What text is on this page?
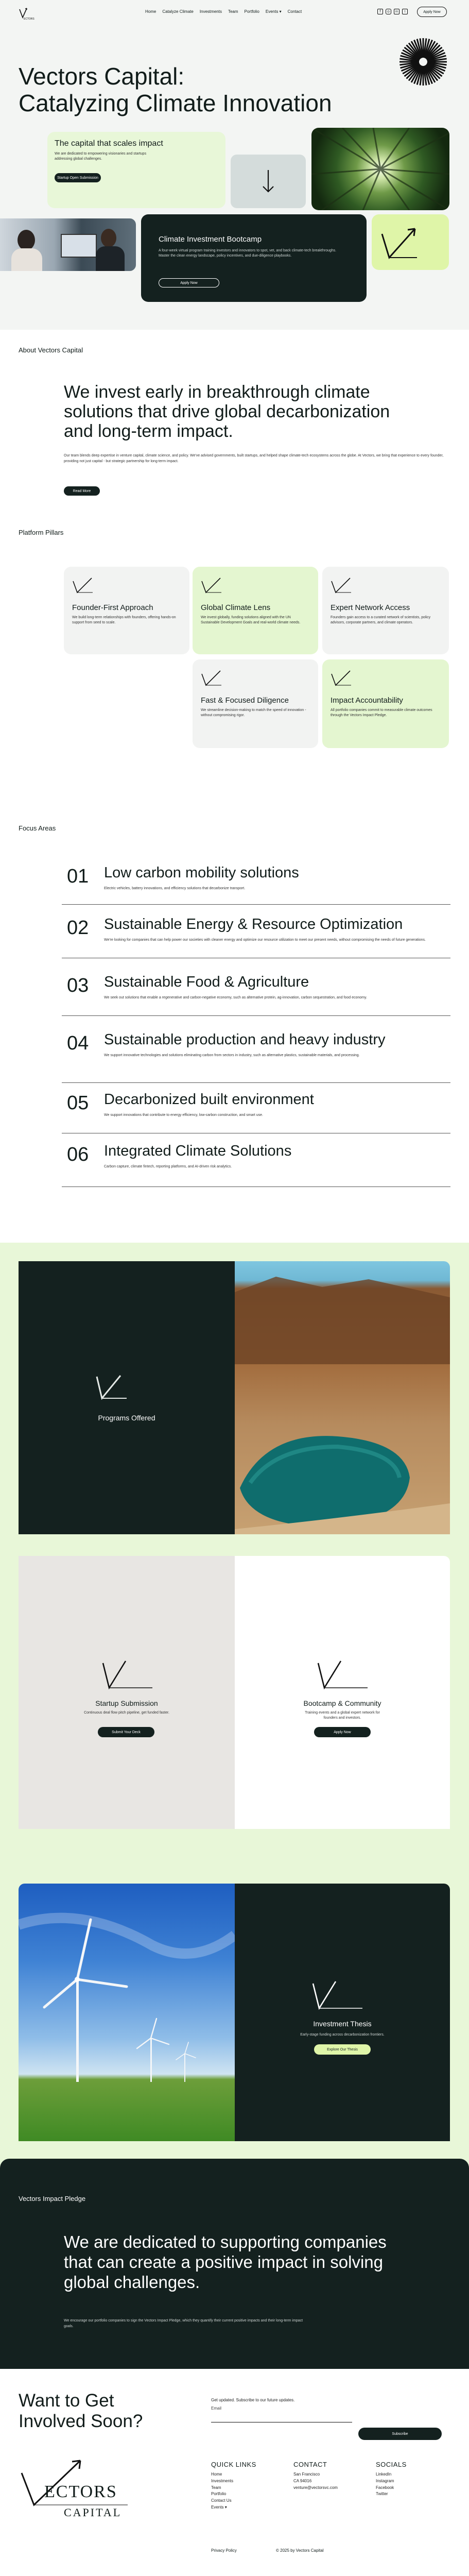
ECTORS
Home Catalyze Climate Investments Team Portfolio Events ▾ Contact	f	◎	in	t	Apply Now
Vectors Capital:
Catalyzing Climate Innovation
The capital that scales impact
We are dedicated to empowering visionaries and startups addressing global challenges.
Startup Open Submission
Climate Investment Bootcamp
A four-week virtual program training investors and innovators to spot, vet, and back climate-tech breakthroughs. Master the clean energy landscape, policy incentives, and due-diligence playbooks.
Apply Now
About Vectors Capital
We invest early in breakthrough climate solutions that drive global decarbonization and long-term impact.
Our team blends deep expertise in venture capital, climate science, and policy. We've advised governments, built startups, and helped shape climate-tech ecosystems across the globe. At Vectors, we bring that experience to every founder, providing not just capital - but strategic partnership for long-term impact.
Read More
Platform Pillars
Founder-First Approach
We build long-term relationships with founders, offering hands-on support from seed to scale.
Global Climate Lens
We invest globally, funding solutions aligned with the UN Sustainable Development Goals and real-world climate needs.
Expert Network Access
Founders gain access to a curated network of scientists, policy advisors, corporate partners, and climate operators.
Fast & Focused Diligence
We streamline decision-making to match the speed of innovation - without compromising rigor.
Impact Accountability
All portfolio companies commit to measurable climate outcomes through the Vectors Impact Pledge.
Focus Areas
01 Low carbon mobility solutions
Electric vehicles, battery innovations, and efficiency solutions that decarbonize transport.
02 Sustainable Energy & Resource Optimization
We're looking for companies that can help power our societies with cleaner energy and optimize our resource utilization to meet our present needs, without compromising the needs of future generations.
03 Sustainable Food & Agriculture
We seek out solutions that enable a regenerative and carbon-negative economy, such as alternative protein, ag-innovation, carbon sequestration, and food economy.
04 Sustainable production and heavy industry
We support innovative technologies and solutions eliminating carbon from sectors in industry, such as alternative plastics, sustainable materials, and processing.
05 Decarbonized built environment
We support innovations that contribute to energy efficiency, low-carbon construction, and smart use.
06 Integrated Climate Solutions
Carbon capture, climate fintech, reporting platforms, and AI-driven risk analytics.
Programs Offered
Startup Submission
Continuous deal flow pitch pipeline, get funded faster.
Submit Your Deck
Bootcamp & Community
Training events and a global expert network for founders and investors.
Apply Now
Investment Thesis
Early-stage funding across decarbonization frontiers.
Explore Our Thesis
Vectors Impact Pledge
We are dedicated to supporting companies that can create a positive impact in solving global challenges.
We encourage our portfolio companies to sign the Vectors Impact Pledge, which they quantify their current positive impacts and their long-term impact goals.
Want to Get
Involved Soon?
Get updated. Subscribe to our future updates.
Email
Subscribe
ECTORS
CAPITAL
QUICK LINKS
Home
Investments
Team
Portfolio
Contact Us
Events ▾
CONTACT
San Francisco
CA 94016
venture@vectorsvc.com
SOCIALS
LinkedIn
Instagram
Facebook
Twitter
Privacy Policy	© 2025 by Vectors Capital
